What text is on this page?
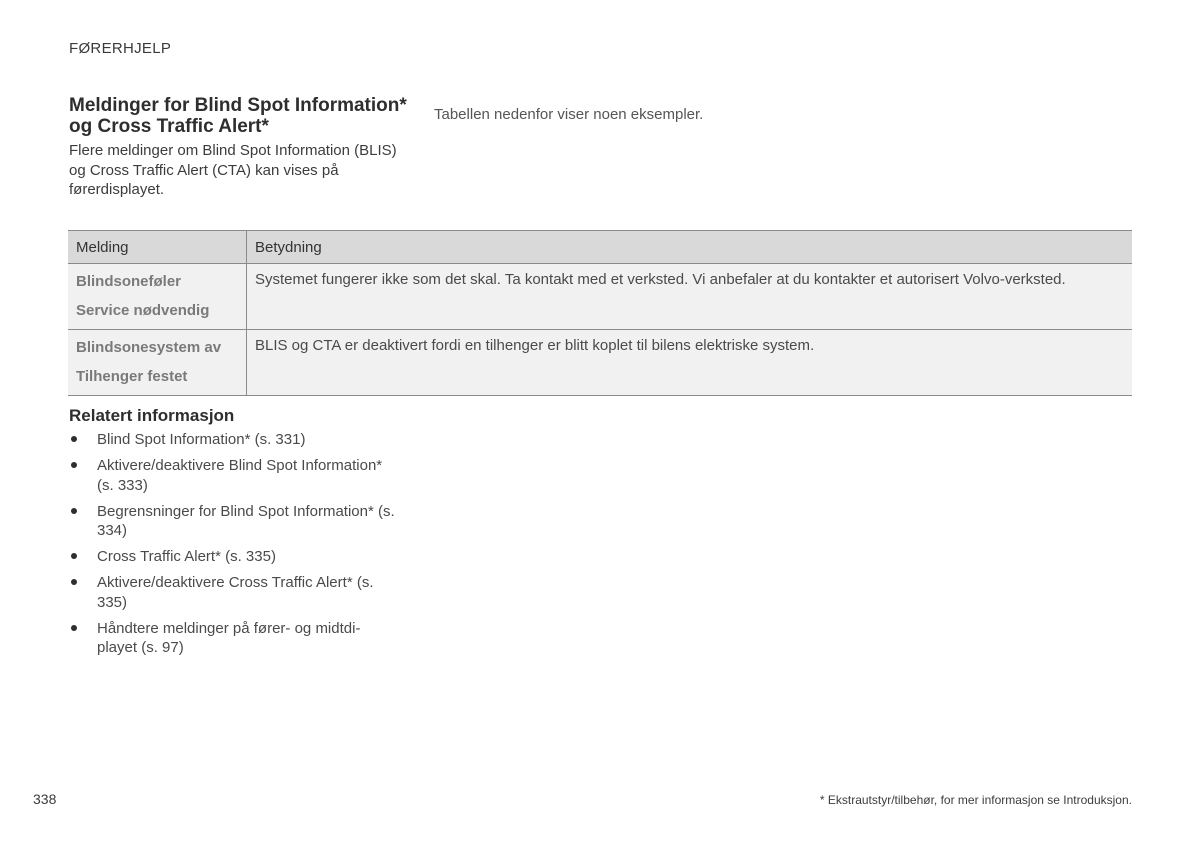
FØRERHJELP
Meldinger for Blind Spot Information* og Cross Traffic Alert*

Flere meldinger om Blind Spot Information (BLIS) og Cross Traffic Alert (CTA) kan vises på førerdisplayet.

Tabellen nedenfor viser noen eksempler.

Melding	Betydning

Blindsoneføler
Service nødvendig	Systemet fungerer ikke som det skal. Ta kontakt med et verksted. Vi anbefaler at du kontakter et autorisert Volvo-verksted.

Blindsonesystem av
Tilhenger festet	BLIS og CTA er deaktivert fordi en tilhenger er blitt koplet til bilens elektriske system.
Relatert informasjon
Blind Spot Information* (s. 331)
Aktivere/deaktivere Blind Spot Information* (s. 333)
Begrensninger for Blind Spot Information* (s. 334)
Cross Traffic Alert* (s. 335)
Aktivere/deaktivere Cross Traffic Alert* (s. 335)
Håndtere meldinger på fører- og midtdi-playet (s. 97)
338	* Ekstrautstyr/tilbehør, for mer informasjon se Introduksjon.
